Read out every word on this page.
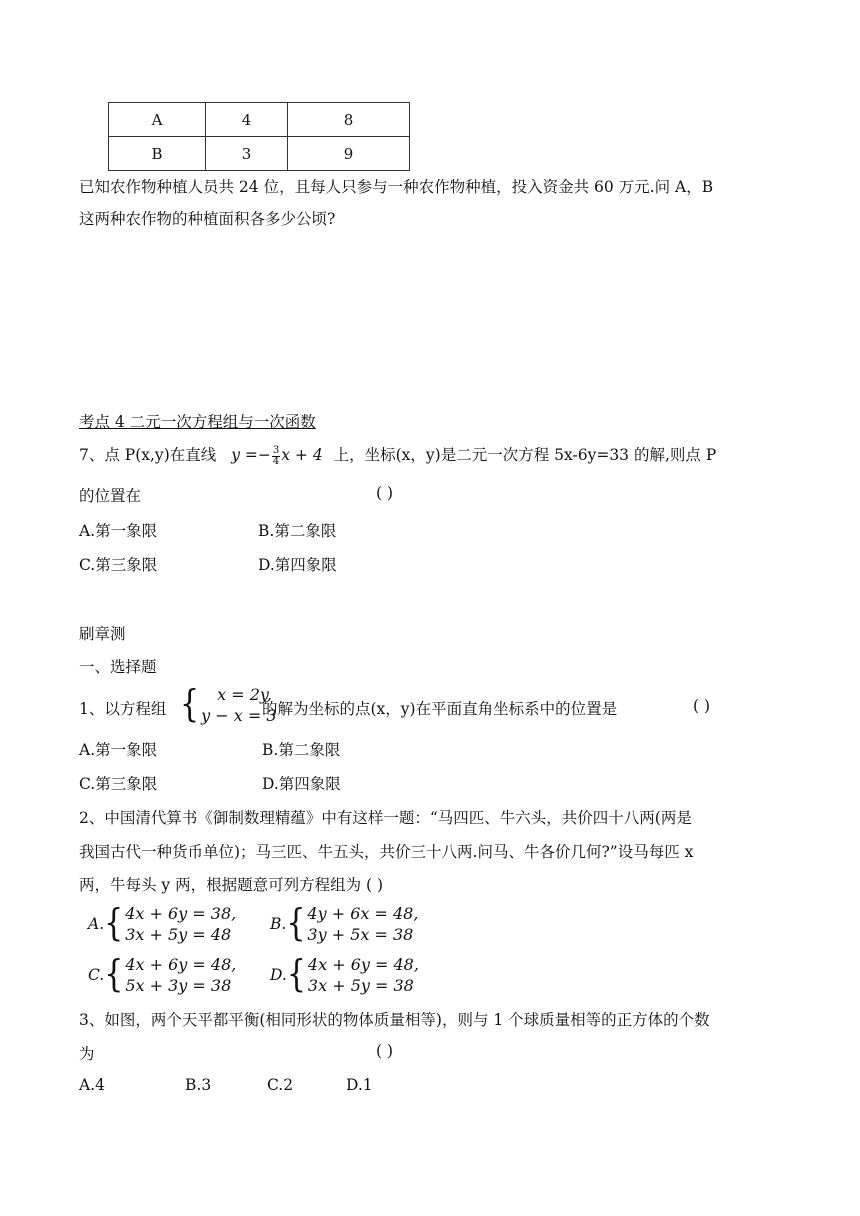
A	4	8
B	3	9
已知农作物种植人员共 24 位，且每人只参与一种农作物种植，投入资金共 60 万元.问 A，B
这两种农作物的种植面积各多少公顷?
考点 4 二元一次方程组与一次函数
7、点 P(x,y)在直线 $y =- \frac{3}{4}$ x + 4 上，坐标(x，y)是二元一次方程 5x-6y=33 的解,则点 P
的位置在	( )
A.第一象限	B.第二象限
C.第三象限	D.第四象限
刷章测
一、选择题
1、以方程组 {	x = 2y,
y − x = 3
的解为坐标的点(x，y)在平面直角坐标系中的位置是	( )
A.第一象限	B.第二象限
C.第三象限	D.第四象限
2、中国清代算书《御制数理精蕴》中有这样一题：“马四匹、牛六头，共价四十八两(两是
我国古代一种货币单位)；马三匹、牛五头，共价三十八两.问马、牛各价几何?”设马每匹 x
两，牛每头 y 两，根据题意可列方程组为 ( )
A. { 4x + 6y = 38,
3x + 5y = 48
B. { 4y + 6x = 48,
3y + 5x = 38
C. { 4x + 6y = 48,
5x + 3y = 38
D. { 4x + 6y = 48,
3x + 5y = 38
3、如图，两个天平都平衡(相同形状的物体质量相等)，则与 1 个球质量相等的正方体的个数
为	( )
A.4	B.3	C.2	D.1
